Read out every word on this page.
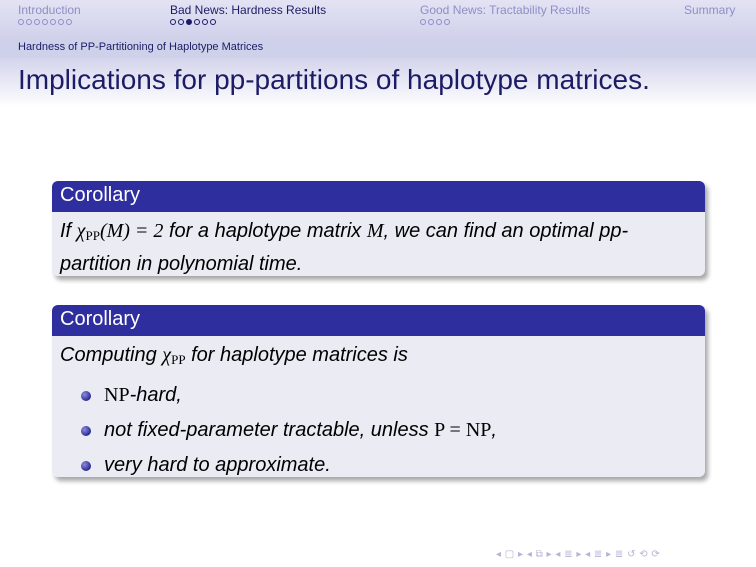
Introduction	Bad News: Hardness Results	Good News: Tractability Results	Summary
Hardness of PP-Partitioning of Haplotype Matrices
Implications for pp-partitions of haplotype matrices.
Corollary
If $\chi_{PP}(M) = 2$ for a haplotype matrix M, we can find an optimal pp-partition in polynomial time.
Corollary
Computing $\chi_{PP}$ for haplotype matrices is
NP-hard,
not fixed-parameter tractable, unless P = NP,
very hard to approximate.
◂ ▢ ▸ ◂ ⧉ ▸ ◂ ≣ ▸ ◂ ≣ ▸ ≣ ↺ ⟲ ⟳
